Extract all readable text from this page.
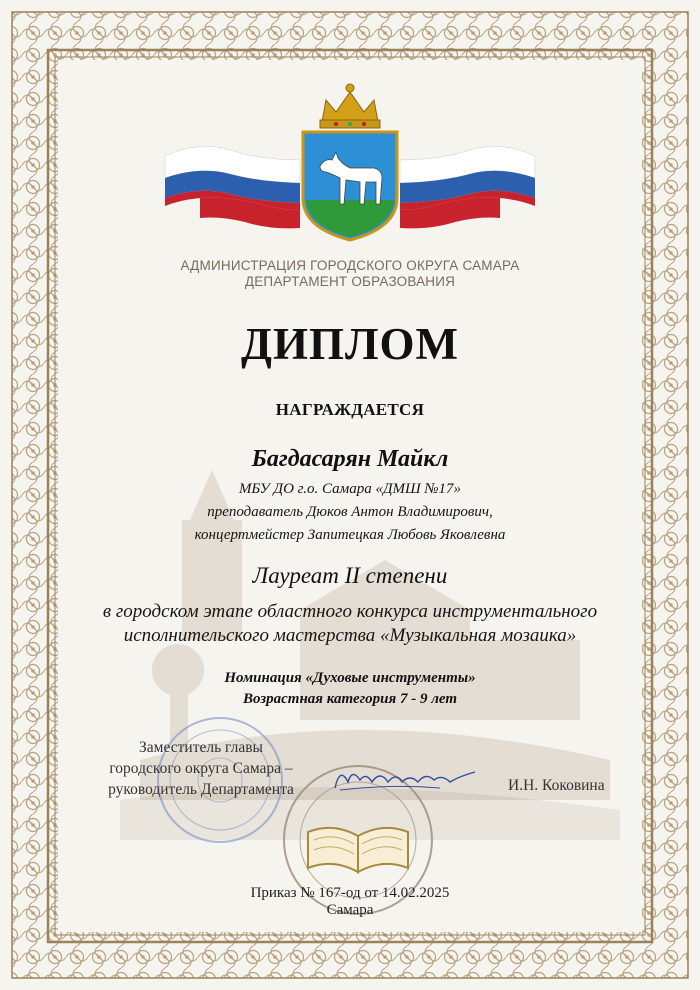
АДМИНИСТРАЦИЯ ГОРОДСКОГО ОКРУГА САМАРА
ДЕПАРТАМЕНТ ОБРАЗОВАНИЯ
ДИПЛОМ
НАГРАЖДАЕТСЯ
Багдасарян Майкл
МБУ ДО г.о. Самара «ДМШ №17»
преподаватель Дюков Антон Владимирович,
концертмейстер Запитецкая Любовь Яковлевна
Лауреат II степени
в городском этапе областного конкурса инструментального
исполнительского мастерства «Музыкальная мозаика»
Номинация «Духовые инструменты»
Возрастная категория 7 - 9 лет
Заместитель главы
городского округа Самара –
руководитель Департамента	И.Н. Коковина
Приказ № 167-од от 14.02.2025
Самара
